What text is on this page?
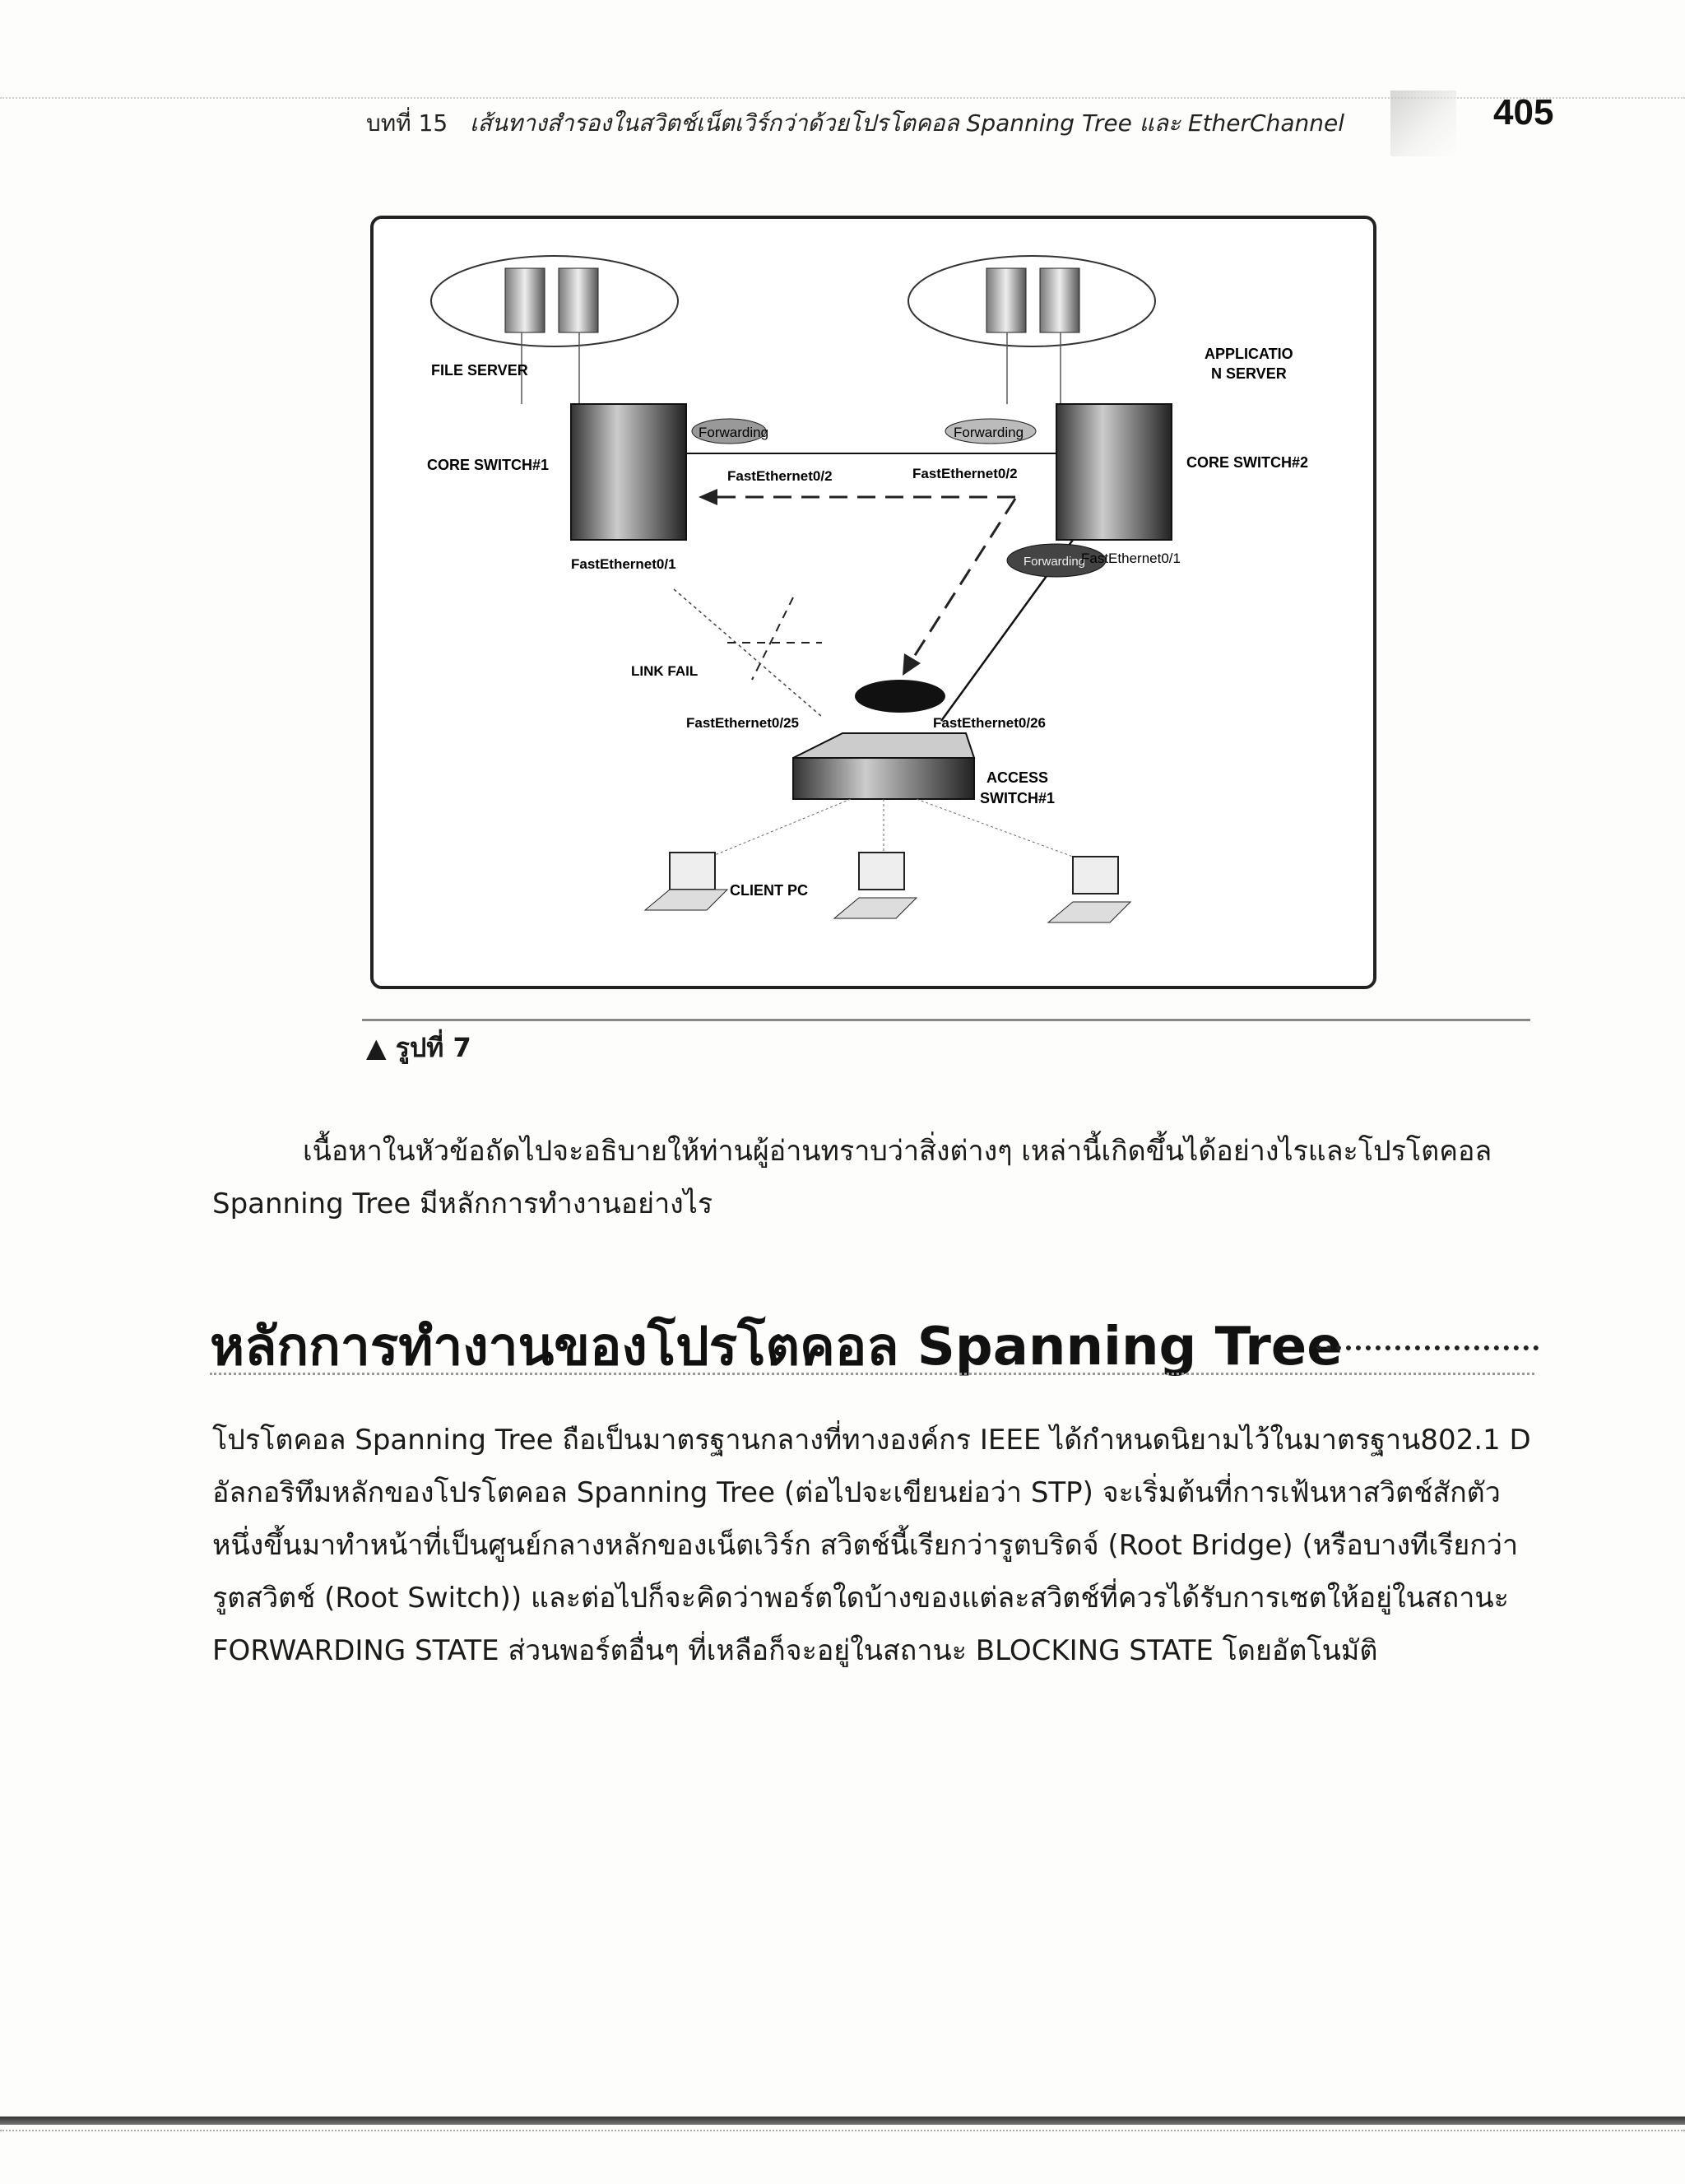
บทที่ 15 เส้นทางสำรองในสวิตช์เน็ตเวิร์กว่าด้วยโปรโตคอล Spanning Tree และ EtherChannel	405
FILE SERVER
APPLICATIO
N SERVER
CORE SWITCH#1	CORE SWITCH#2
Forwarding	Forwarding
FastEthernet0/2	FastEthernet0/2
Forwarding
FastEthernet0/1
FastEthernet0/1
LINK FAIL
FastEthernet0/25	FastEthernet0/26
ACCESS
SWITCH#1
CLIENT PC
▲ รูปที่ 7
เนื้อหาในหัวข้อถัดไปจะอธิบายให้ท่านผู้อ่านทราบว่าสิ่งต่างๆ เหล่านี้เกิดขึ้นได้อย่างไรและโปรโตคอล Spanning Tree มีหลักการทำงานอย่างไร
หลักการทำงานของโปรโตคอล Spanning Tree
โปรโตคอล Spanning Tree ถือเป็นมาตรฐานกลางที่ทางองค์กร IEEE ได้กำหนดนิยามไว้ในมาตรฐาน802.1 D อัลกอริทึมหลักของโปรโตคอล Spanning Tree (ต่อไปจะเขียนย่อว่า STP) จะเริ่มต้นที่การเฟ้นหาสวิตช์สักตัวหนึ่งขึ้นมาทำหน้าที่เป็นศูนย์กลางหลักของเน็ตเวิร์ก สวิตช์นี้เรียกว่ารูตบริดจ์ (Root Bridge) (หรือบางทีเรียกว่ารูตสวิตช์ (Root Switch)) และต่อไปก็จะคิดว่าพอร์ตใดบ้างของแต่ละสวิตช์ที่ควรได้รับการเซตให้อยู่ในสถานะ FORWARDING STATE ส่วนพอร์ตอื่นๆ ที่เหลือก็จะอยู่ในสถานะ BLOCKING STATE โดยอัตโนมัติ
